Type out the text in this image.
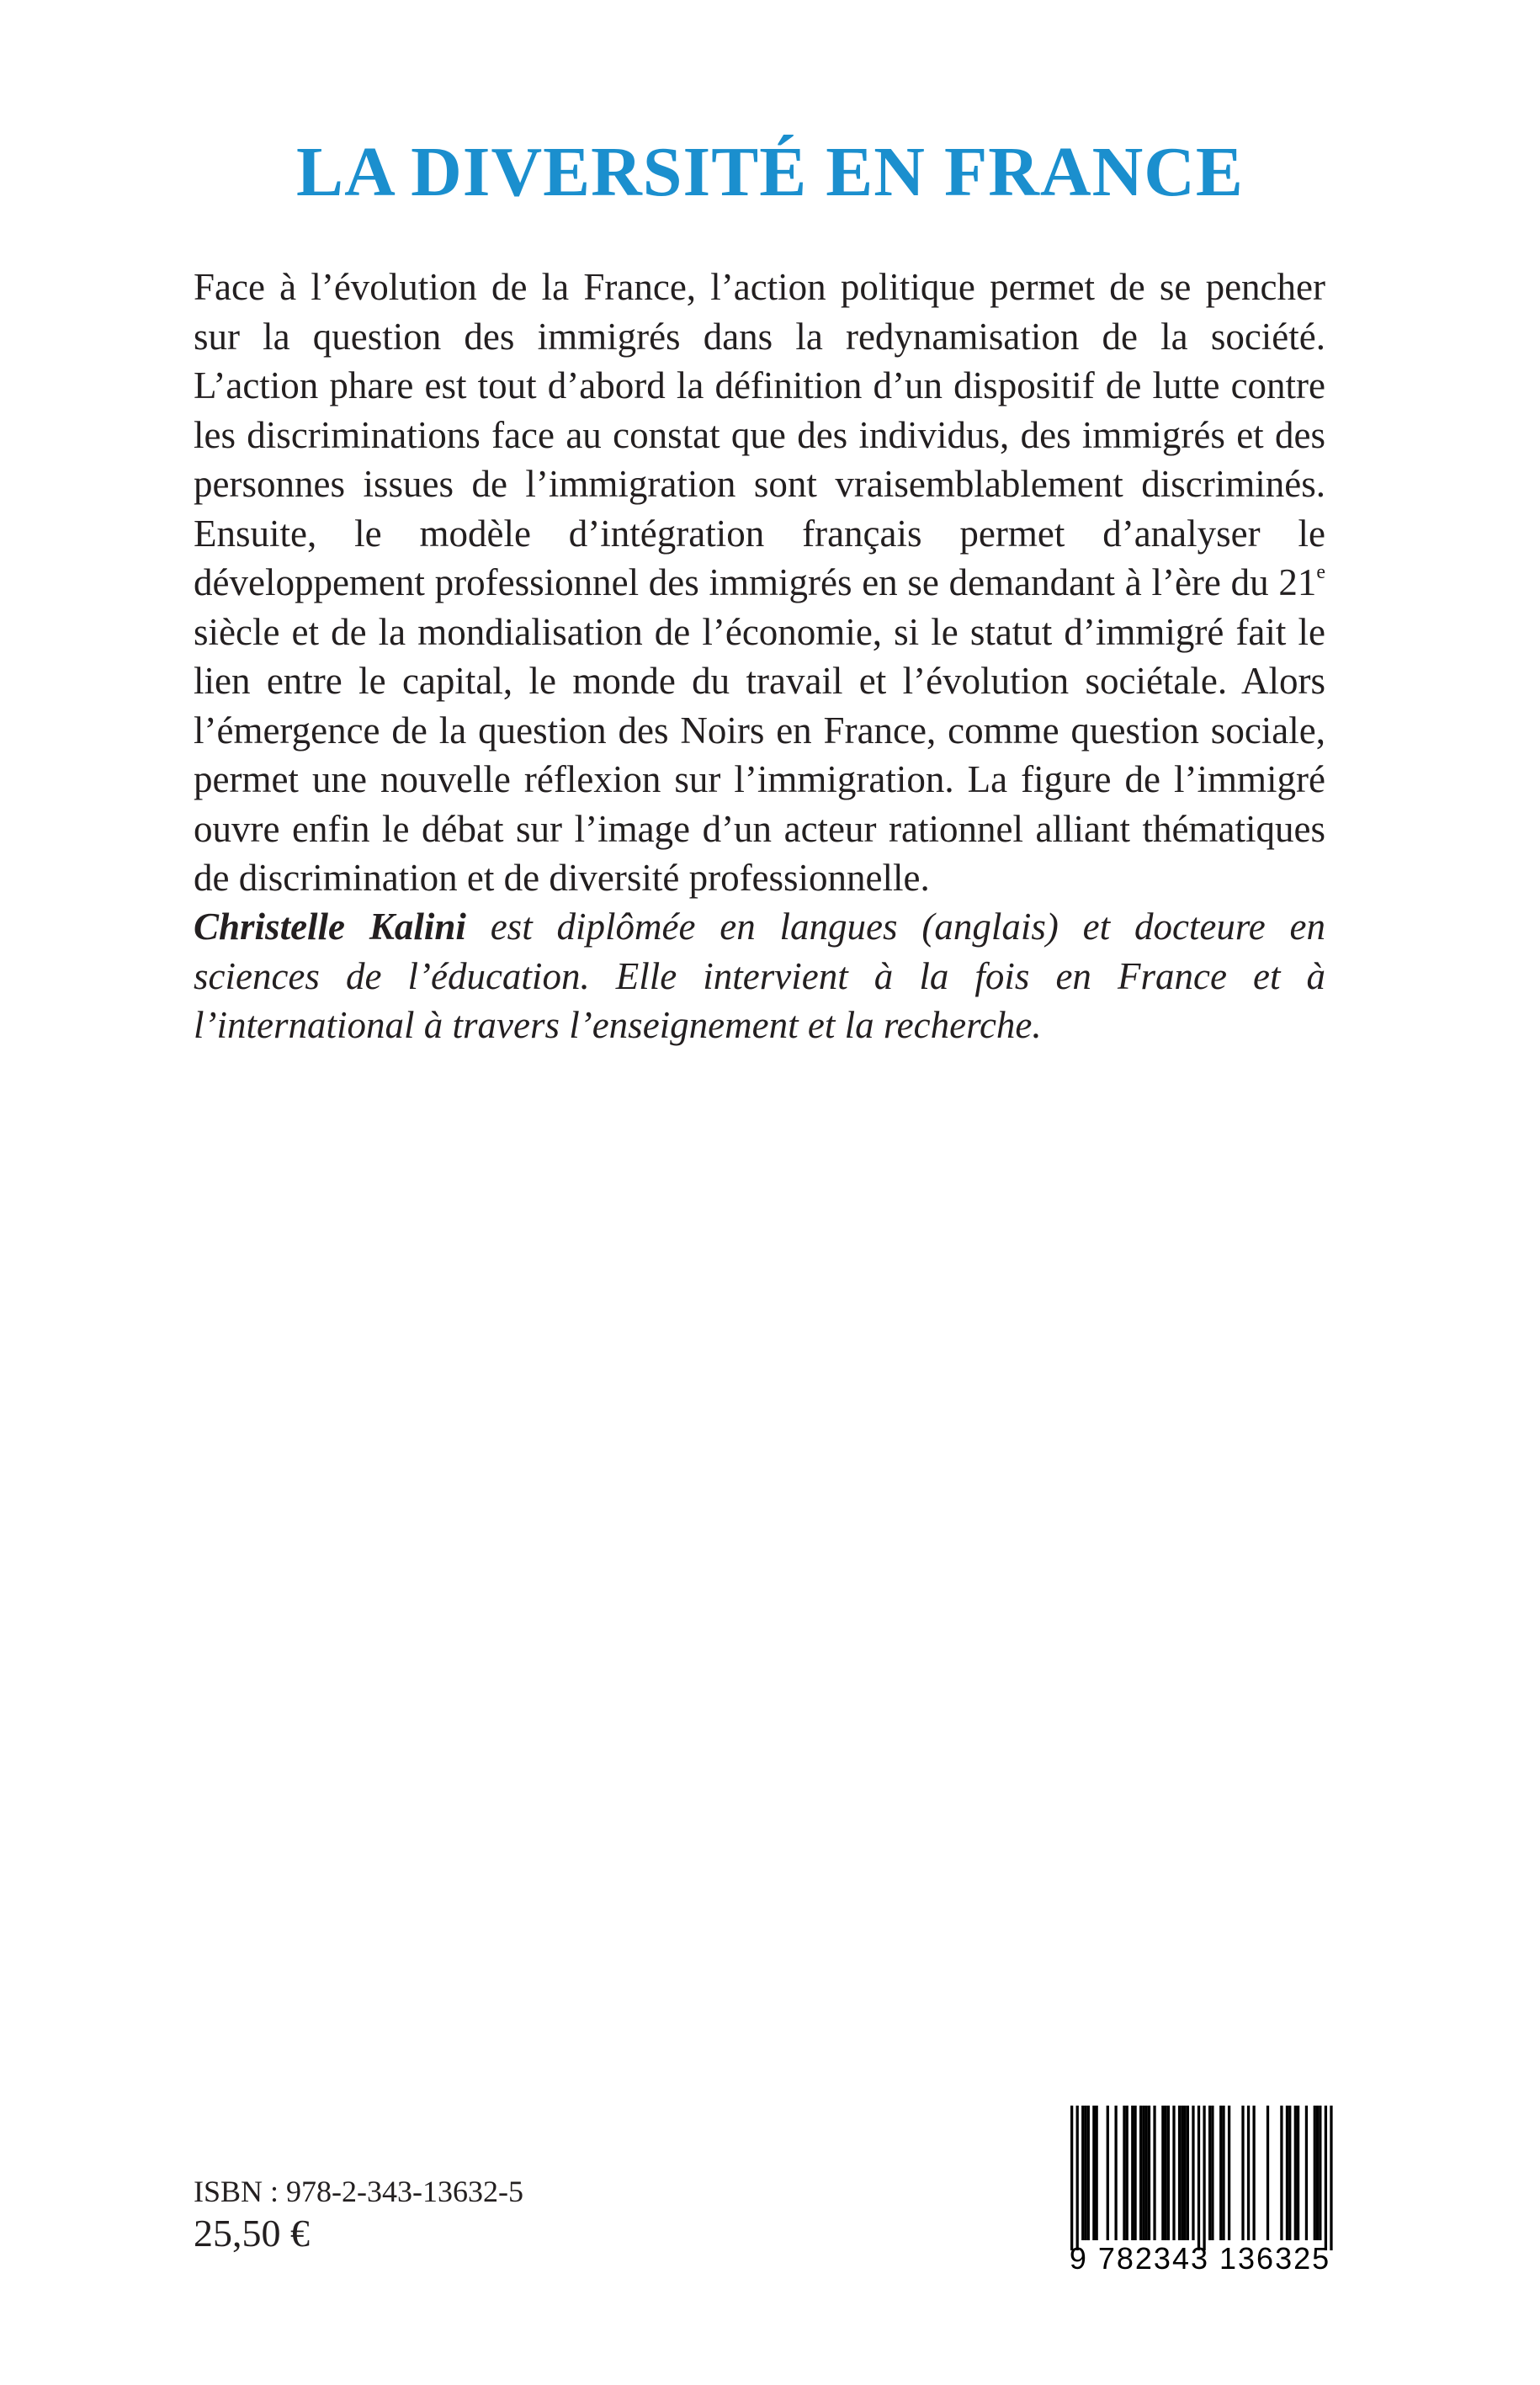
LA DIVERSITÉ EN FRANCE

Face à l’évolution de la France, l’action politique permet de se pencher sur la question des immigrés dans la redynamisation de la société. L’action phare est tout d’abord la définition d’un dispositif de lutte contre les discriminations face au constat que des individus, des immigrés et des personnes issues de l’immigration sont vraisemblablement discriminés. Ensuite, le modèle d’intégration français permet d’analyser le développement professionnel des immigrés en se demandant à l’ère du 21e siècle et de la mondialisation de l’économie, si le statut d’immigré fait le lien entre le capital, le monde du travail et l’évolution sociétale. Alors l’émergence de la question des Noirs en France, comme question sociale, permet une nouvelle réflexion sur l’immigration. La figure de l’immigré ouvre enfin le débat sur l’image d’un acteur rationnel alliant thématiques de discrimination et de diversité professionnelle.

Christelle Kalini est diplômée en langues (anglais) et docteure en sciences de l’éducation. Elle intervient à la fois en France et à l’international à travers l’enseignement et la recherche.

ISBN : 978-2-343-13632-5
25,50 €
9 782343 136325
